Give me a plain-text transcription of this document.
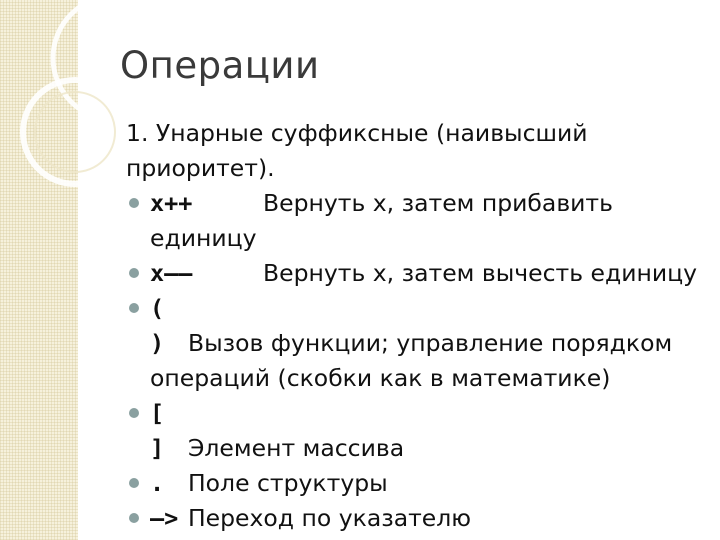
Операции

1. Унарные суффиксные (наивысший приоритет).

x++	Вернуть x, затем прибавить единицу
x––	Вернуть x, затем вычесть единицу
( ) Вызов функции; управление порядком операций (скобки как в математике)
[ ] Элемент массива
. Поле структуры
–> Переход по указателю
